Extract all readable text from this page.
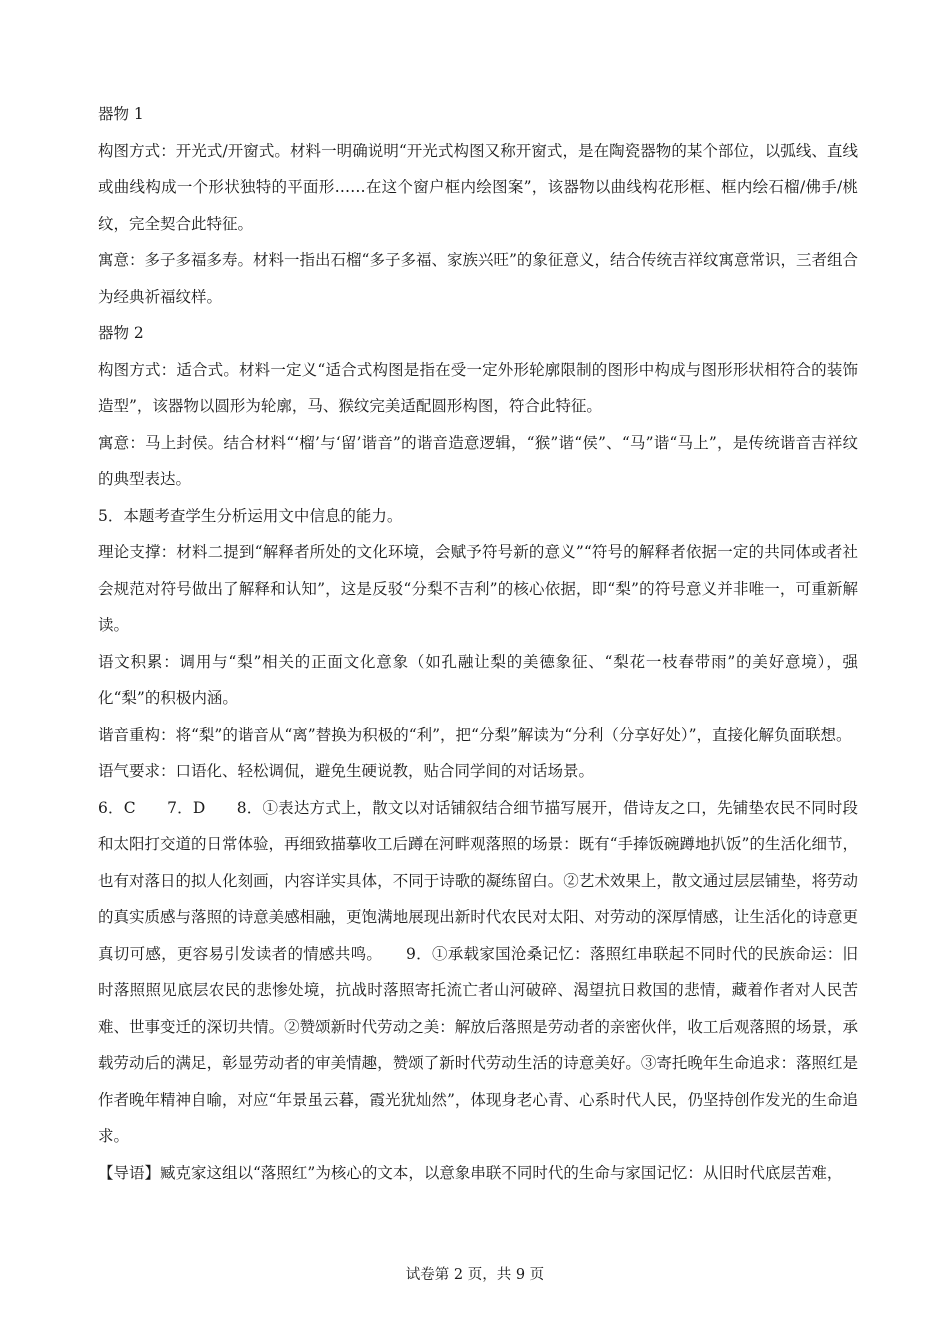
器物 1

构图方式：开光式/开窗式。材料一明确说明“开光式构图又称开窗式，是在陶瓷器物的某个部位，以弧线、直线或曲线构成一个形状独特的平面形……在这个窗户框内绘图案”，该器物以曲线构花形框、框内绘石榴/佛手/桃纹，完全契合此特征。

寓意：多子多福多寿。材料一指出石榴“多子多福、家族兴旺”的象征意义，结合传统吉祥纹寓意常识，三者组合为经典祈福纹样。

器物 2

构图方式：适合式。材料一定义“适合式构图是指在受一定外形轮廓限制的图形中构成与图形形状相符合的装饰造型”，该器物以圆形为轮廓，马、猴纹完美适配圆形构图，符合此特征。

寓意：马上封侯。结合材料“‘榴’与‘留’谐音”的谐音造意逻辑，“猴”谐“侯”、“马”谐“马上”，是传统谐音吉祥纹的典型表达。

5．本题考查学生分析运用文中信息的能力。

理论支撑：材料二提到“解释者所处的文化环境，会赋予符号新的意义”“符号的解释者依据一定的共同体或者社会规范对符号做出了解释和认知”，这是反驳“分梨不吉利”的核心依据，即“梨”的符号意义并非唯一，可重新解读。

语文积累：调用与“梨”相关的正面文化意象（如孔融让梨的美德象征、“梨花一枝春带雨”的美好意境），强化“梨”的积极内涵。

谐音重构：将“梨”的谐音从“离”替换为积极的“利”，把“分梨”解读为“分利（分享好处）”，直接化解负面联想。

语气要求：口语化、轻松调侃，避免生硬说教，贴合同学间的对话场景。

6．C　　7．D　　8．①表达方式上，散文以对话铺叙结合细节描写展开，借诗友之口，先铺垫农民不同时段和太阳打交道的日常体验，再细致描摹收工后蹲在河畔观落照的场景：既有“手捧饭碗蹲地扒饭”的生活化细节，也有对落日的拟人化刻画，内容详实具体，不同于诗歌的凝练留白。②艺术效果上，散文通过层层铺垫，将劳动的真实质感与落照的诗意美感相融，更饱满地展现出新时代农民对太阳、对劳动的深厚情感，让生活化的诗意更真切可感，更容易引发读者的情感共鸣。　　9．①承载家国沧桑记忆：落照红串联起不同时代的民族命运：旧时落照照见底层农民的悲惨处境，抗战时落照寄托流亡者山河破碎、渴望抗日救国的悲情，藏着作者对人民苦难、世事变迁的深切共情。②赞颂新时代劳动之美：解放后落照是劳动者的亲密伙伴，收工后观落照的场景，承载劳动后的满足，彰显劳动者的审美情趣，赞颂了新时代劳动生活的诗意美好。③寄托晚年生命追求：落照红是作者晚年精神自喻，对应“年景虽云暮，霞光犹灿然”，体现身老心青、心系时代人民，仍坚持创作发光的生命追求。

【导语】臧克家这组以“落照红”为核心的文本，以意象串联不同时代的生命与家国记忆：从旧时代底层苦难，

试卷第 2 页，共 9 页
